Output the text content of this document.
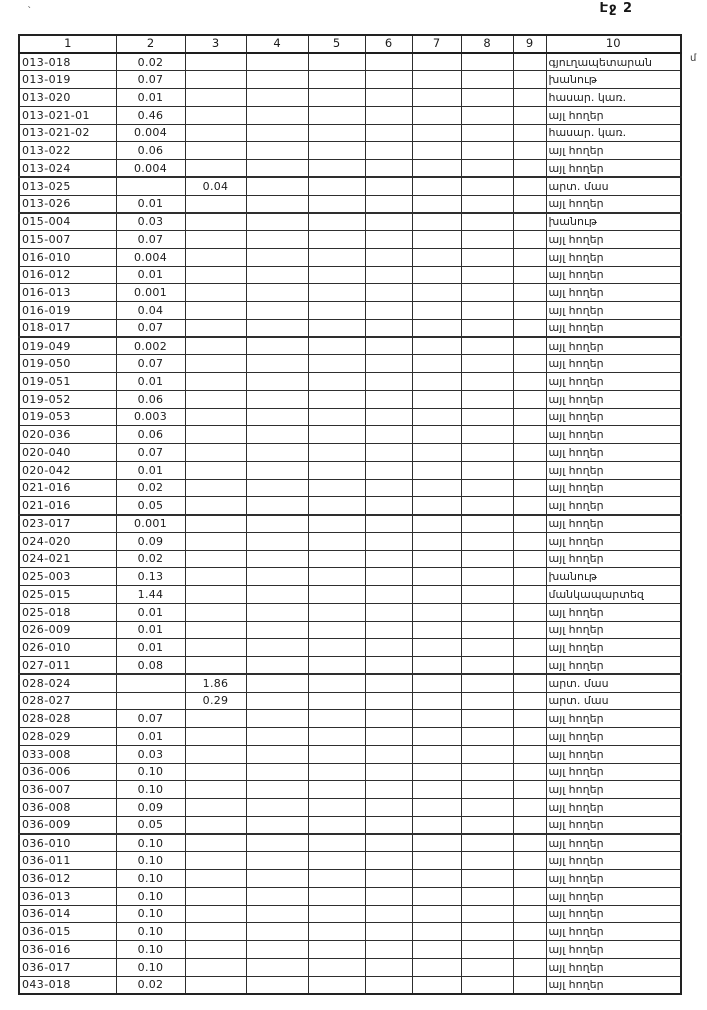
՝	Էջ 2
մ
1	2	3	4	5	6	7	8	9	10
013-018	0.02								գյուղապետարան
013-019	0.07								խանութ
013-020	0.01								հասար. կառ.
013-021-01	0.46								այլ հողեր
013-021-02	0.004								հասար. կառ.
013-022	0.06								այլ հողեր
013-024	0.004								այլ հողեր
013-025		0.04							արտ. մաս
013-026	0.01								այլ հողեր
015-004	0.03								խանութ
015-007	0.07								այլ հողեր
016-010	0.004								այլ հողեր
016-012	0.01								այլ հողեր
016-013	0.001								այլ հողեր
016-019	0.04								այլ հողեր
018-017	0.07								այլ հողեր
019-049	0.002								այլ հողեր
019-050	0.07								այլ հողեր
019-051	0.01								այլ հողեր
019-052	0.06								այլ հողեր
019-053	0.003								այլ հողեր
020-036	0.06								այլ հողեր
020-040	0.07								այլ հողեր
020-042	0.01								այլ հողեր
021-016	0.02								այլ հողեր
021-016	0.05								այլ հողեր
023-017	0.001								այլ հողեր
024-020	0.09								այլ հողեր
024-021	0.02								այլ հողեր
025-003	0.13								խանութ
025-015	1.44								մանկապարտեզ
025-018	0.01								այլ հողեր
026-009	0.01								այլ հողեր
026-010	0.01								այլ հողեր
027-011	0.08								այլ հողեր
028-024		1.86							արտ. մաս
028-027		0.29							արտ. մաս
028-028	0.07								այլ հողեր
028-029	0.01								այլ հողեր
033-008	0.03								այլ հողեր
036-006	0.10								այլ հողեր
036-007	0.10								այլ հողեր
036-008	0.09								այլ հողեր
036-009	0.05								այլ հողեր
036-010	0.10								այլ հողեր
036-011	0.10								այլ հողեր
036-012	0.10								այլ հողեր
036-013	0.10								այլ հողեր
036-014	0.10								այլ հողեր
036-015	0.10								այլ հողեր
036-016	0.10								այլ հողեր
036-017	0.10								այլ հողեր
043-018	0.02								այլ հողեր
